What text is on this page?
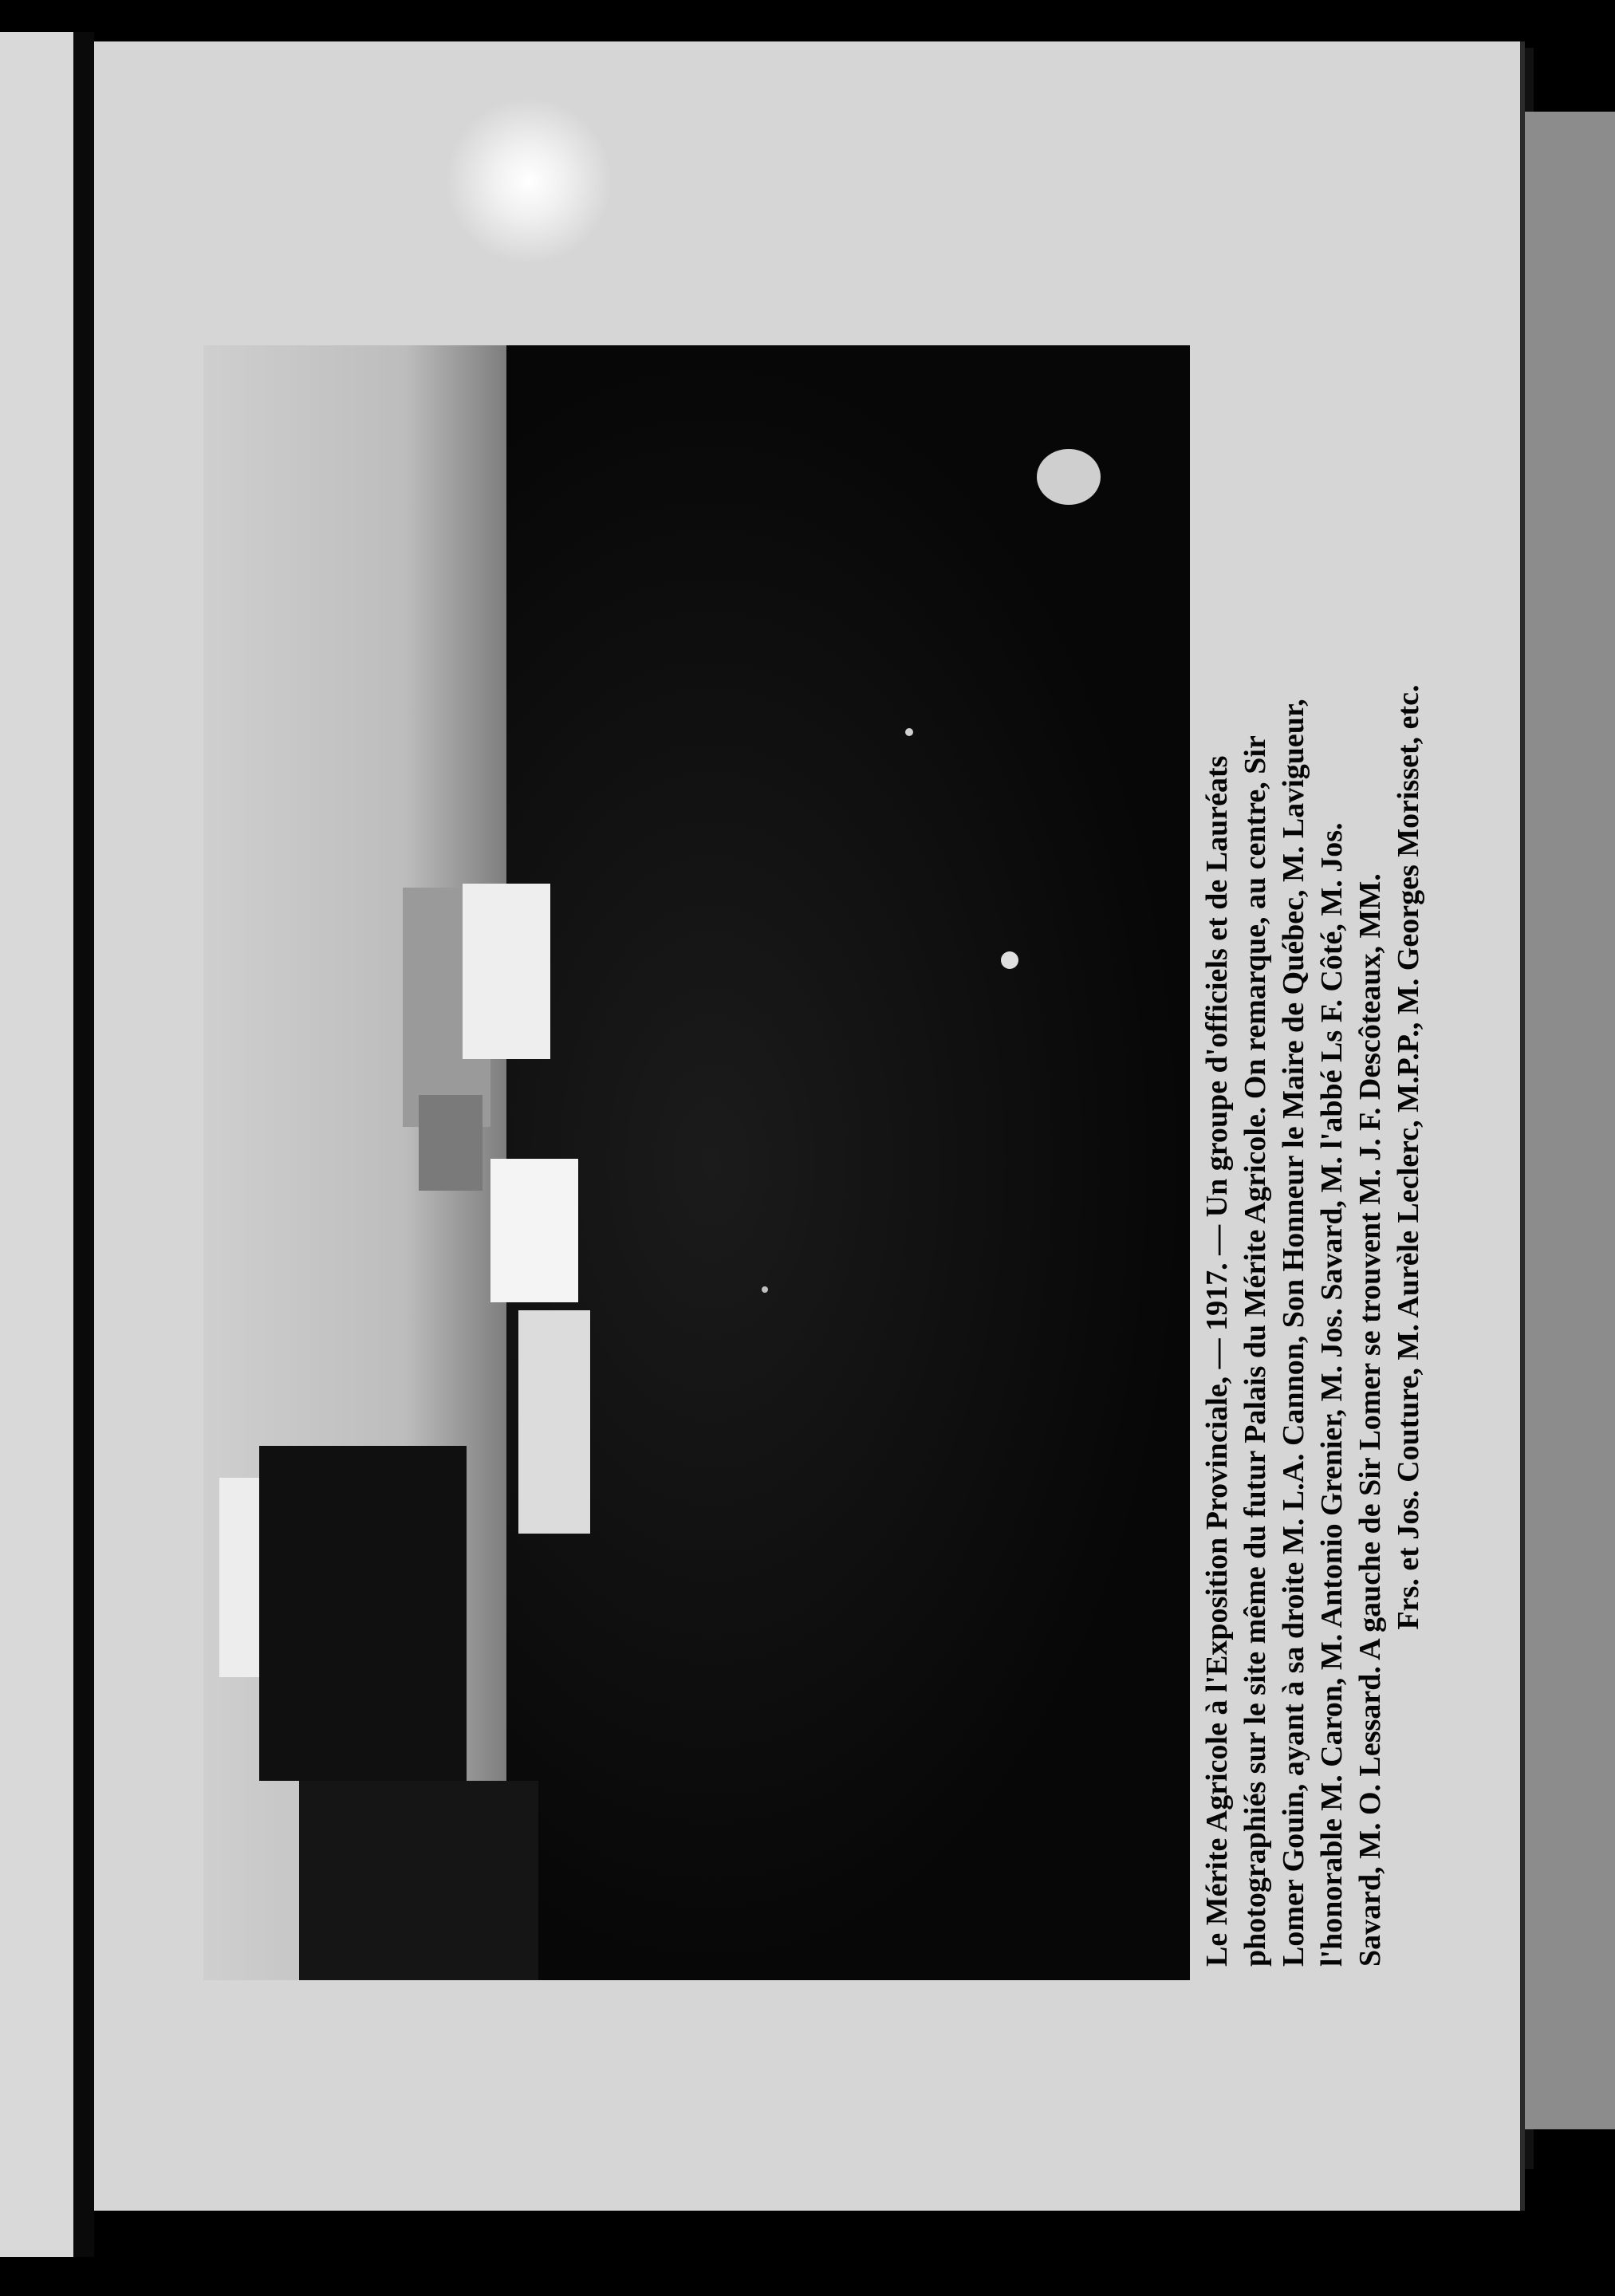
Le Mérite Agricole à l'Exposition Provinciale, — 1917. — Un groupe d'officiels et de Lauréats photographiés sur le site même du futur Palais du Mérite Agricole. On remarque, au centre, Sir Lomer Gouin, ayant à sa droite M. L.A. Cannon, Son Honneur le Maire de Québec, M. Lavigueur, l'honorable M. Caron, M. Antonio Grenier, M. Jos. Savard, M. l'abbé Ls F. Côté, M. Jos. Savard, M. O. Lessard. A gauche de Sir Lomer se trouvent M. J. F. Descôteaux, MM. Frs. et Jos. Couture, M. Aurèle Leclerc, M.P.P., M. Georges Morisset, etc.
